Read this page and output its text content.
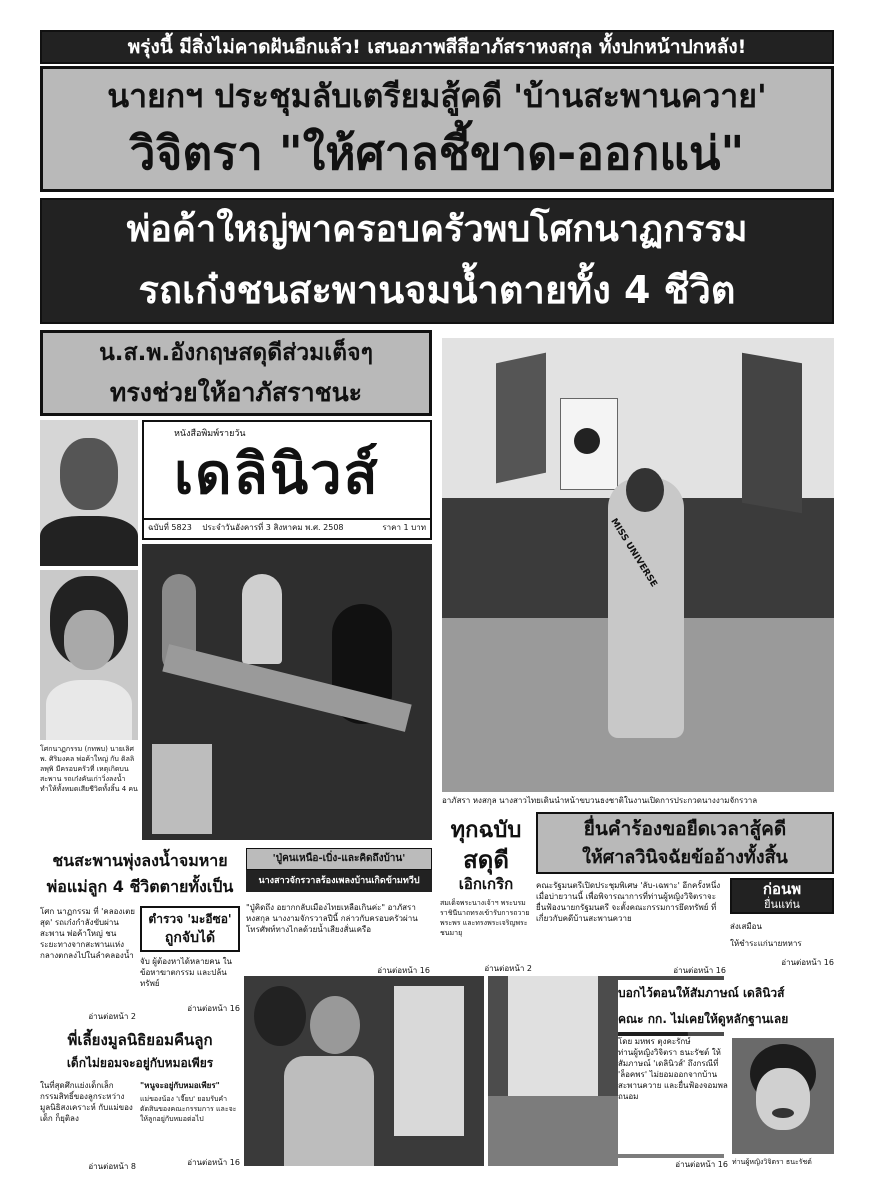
พรุ่งนี้ มีสิ่งไม่คาดฝันอีกแล้ว! เสนอภาพสีสีอาภัสราหงสกุล ทั้งปกหน้าปกหลัง!
นายกฯ ประชุมลับเตรียมสู้คดี 'บ้านสะพานควาย'
วิจิตรา "ให้ศาลชี้ขาด-ออกแน่"
พ่อค้าใหญ่พาครอบครัวพบโศกนาฏกรรม
รถเก๋งชนสะพานจมน้ำตายทั้ง 4 ชีวิต
น.ส.พ.อังกฤษสดุดีส่วมเต็จๆ
ทรงช่วยให้อาภัสราชนะ
โศกนาฏกรรม (กทพบ) นายเลิศ พ. ศิริมงคล พ่อค้าใหญ่ กับ ติลลิลพุพิ มีครอบครัวที่ เหตุเกิดบนสะพาน รถเก๋งคันเก่าวิ่งลงน้ำ ทำให้ทั้งหมดเสียชีวิตทั้งสิ้น 4 คน
หนังสือพิมพ์รายวัน
เดลินิวส์
ฉบับที่ 5823 ประจำวันอังคารที่ 3 สิงหาคม พ.ศ. 2508	ราคา 1 บาท	MISS UNIVERSE
อาภัสรา หงสกุล นางสาวไทยเดินนำหน้าขบวนธงชาติในงานเปิดการประกวดนางงามจักรวาล
ทุกฉบับ
สดุดี
เอิกเกริก
สมเด็จพระนางเจ้าฯ พระบรมราชินีนาถทรงเข้ารับการถวายพระพร และทรงพระเจริญพระชนมายุ
อ่านต่อหน้า 2
ยื่นคำร้องขอยืดเวลาสู้คดี
ให้ศาลวินิจฉัยข้ออ้างทั้งสิ้น
คณะรัฐมนตรีเปิดประชุมพิเศษ 'ลับ-เฉพาะ' อีกครั้งหนึ่งเมื่อบ่ายวานนี้ เพื่อพิจารณาการที่ท่านผู้หญิงวิจิตราจะยื่นฟ้องนายกรัฐมนตรี จะตั้งคณะกรรมการยึดทรัพย์ ที่เกี่ยวกับคดีบ้านสะพานควาย
อ่านต่อหน้า 16
ก่อนพ
ยื่นแท่น
ส่งเสมือน
ให้ชำระแก่นายทหาร
อ่านต่อหน้า 16
ชนสะพานพุ่งลงน้ำจมหาย
พ่อแม่ลูก 4 ชีวิตตายทั้งเป็น
โศก นาฏกรรม ที่ 'คลองเตยสุด' รถเก๋งกำลังขับผ่านสะพาน พ่อค้าใหญ่ ชน ระยะทางจากสะพานแห่งกลางตกลงไปในลำคลองน้ำ
อ่านต่อหน้า 2
ตำรวจ 'มะอีซอ'
ถูกจับได้
จับ ผู้ต้องหาได้หลายคน ในข้อหาฆาตกรรม และปล้นทรัพย์
อ่านต่อหน้า 16
'ปู่คนเหนือ-เบิ่ง-และคิดถึงบ้าน'
นางสาวจักรวาลร้องเพลงบ้านเกิดข้ามทวีป
"ปู่คิดถึง อยากกลับเมืองไทยเหลือเกินค่ะ" อาภัสรา หงสกุล นางงามจักรวาลปีนี้ กล่าวกับครอบครัวผ่านโทรศัพท์ทางไกลด้วยน้ำเสียงสั่นเครือ
อ่านต่อหน้า 16
พี่เลี้ยงมูลนิธิยอมคืนลูก
เด็กไม่ยอมจะอยู่กับหมอเพียร
ในที่สุดศึกแย่งเด็กเล็ก กรรมสิทธิ์ของลูกระหว่างมูลนิธิสงเคราะห์ กับแม่ของเด็ก ก็ยุติลง
อ่านต่อหน้า 8
"หนูจะอยู่กับหมอเพียร"
แม่ของน้อง 'เจี๊ยบ' ยอมรับคำตัดสินของคณะกรรมการ และจะให้ลูกอยู่กับหมอต่อไป
อ่านต่อหน้า 16
บอกไว้ตอนให้สัมภาษณ์ เดลินิวส์
คณะ กก. ไม่เคยให้ดูหลักฐานเลย
โดย มหพร ตุงคะรักษ์ ท่านผู้หญิงวิจิตรา ธนะรัชต์ ให้สัมภาษณ์ 'เดลินิวส์' ถึงกรณีที่ 'ล็อคพร' ไม่ยอมออกจากบ้านสะพานควาย และยื่นฟ้องจอมพลถนอม
อ่านต่อหน้า 16 ท่านผู้หญิงวิจิตรา ธนะรัชต์
